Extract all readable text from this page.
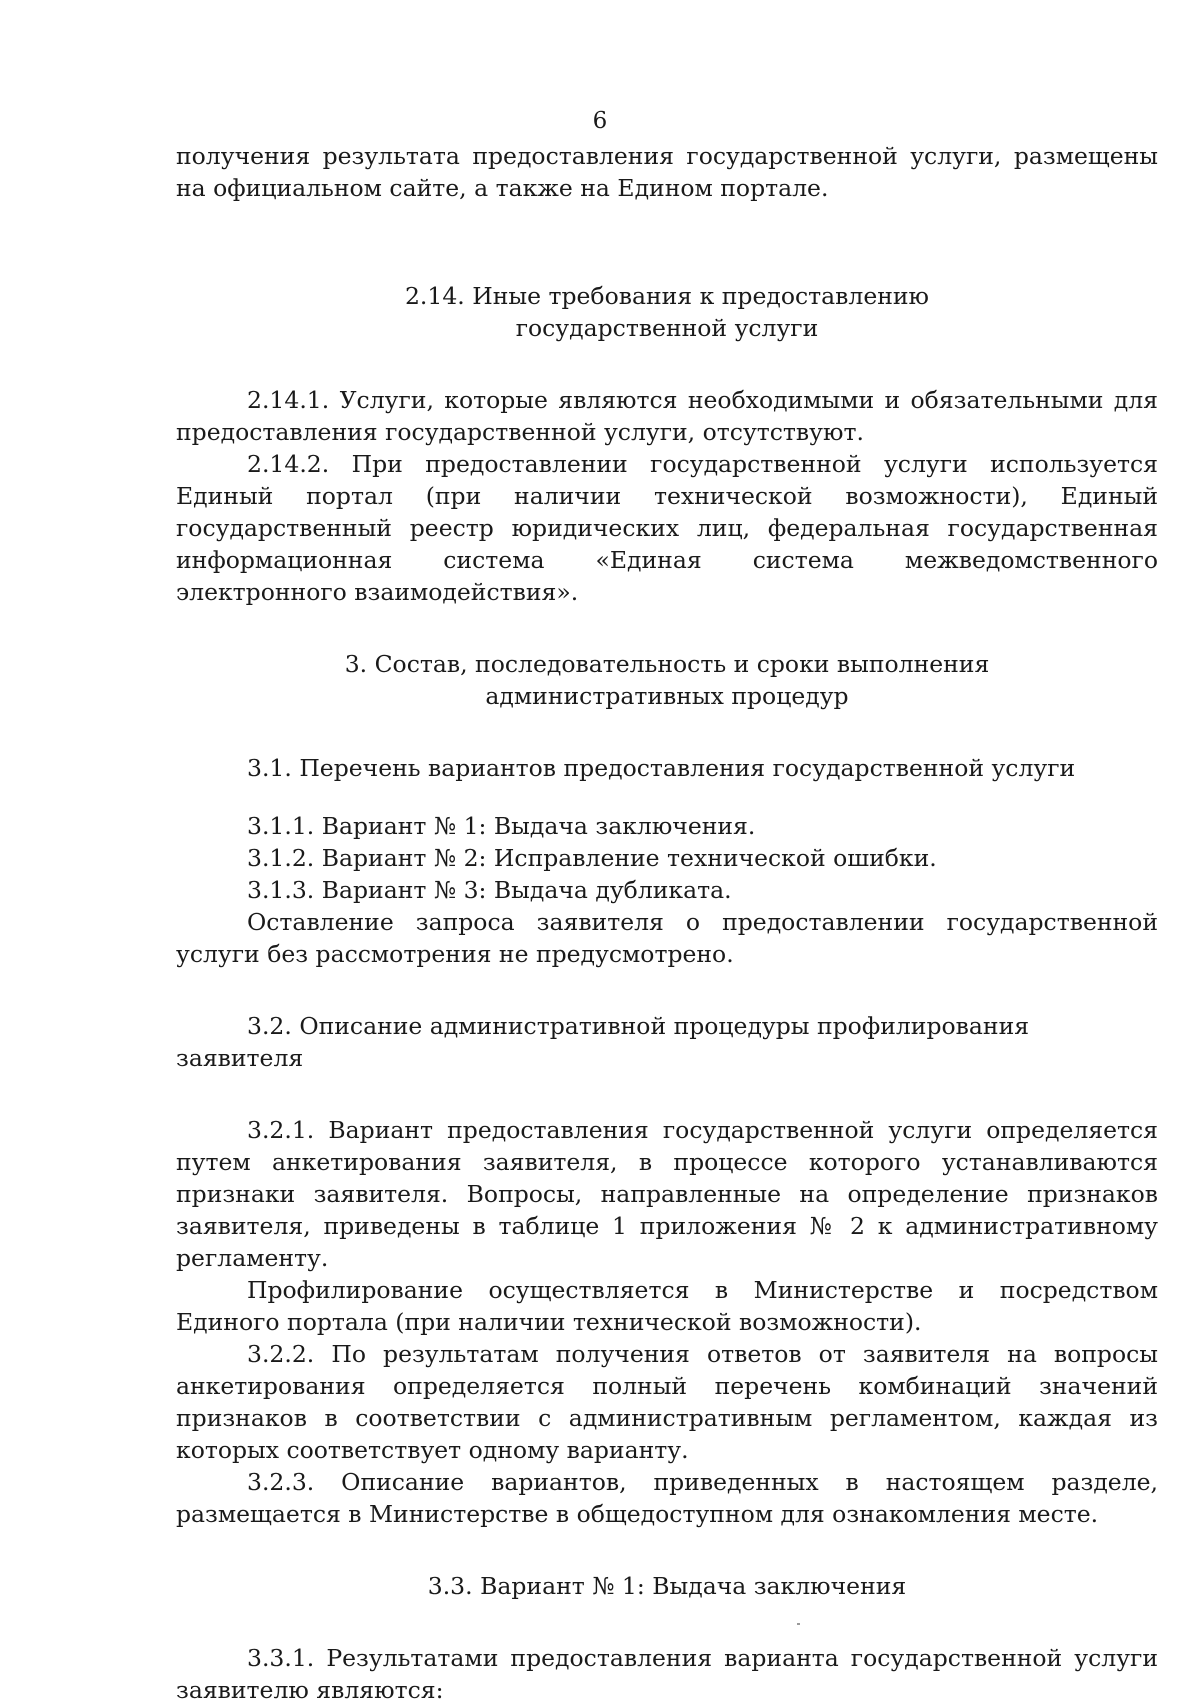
6

получения результата предоставления государственной услуги, размещены на официальном сайте, а также на Едином портале.

2.14. Иные требования к предоставлению
государственной услуги

2.14.1. Услуги, которые являются необходимыми и обязательными для предоставления государственной услуги, отсутствуют.

2.14.2. При предоставлении государственной услуги используется Единый портал (при наличии технической возможности), Единый государственный реестр юридических лиц, федеральная государственная информационная система «Единая система межведомственного электронного взаимодействия».

3. Состав, последовательность и сроки выполнения
административных процедур

3.1. Перечень вариантов предоставления государственной услуги

3.1.1. Вариант № 1: Выдача заключения.

3.1.2. Вариант № 2: Исправление технической ошибки.

3.1.3. Вариант № 3: Выдача дубликата.

Оставление запроса заявителя о предоставлении государственной услуги без рассмотрения не предусмотрено.

3.2. Описание административной процедуры профилирования заявителя

3.2.1. Вариант предоставления государственной услуги определяется путем анкетирования заявителя, в процессе которого устанавливаются признаки заявителя. Вопросы, направленные на определение признаков заявителя, приведены в таблице 1 приложения № 2 к административному регламенту.

Профилирование осуществляется в Министерстве и посредством Единого портала (при наличии технической возможности).

3.2.2. По результатам получения ответов от заявителя на вопросы анкетирования определяется полный перечень комбинаций значений признаков в соответствии с административным регламентом, каждая из которых соответствует одному варианту.

3.2.3. Описание вариантов, приведенных в настоящем разделе, размещается в Министерстве в общедоступном для ознакомления месте.

3.3. Вариант № 1: Выдача заключения

3.3.1. Результатами предоставления варианта государственной услуги заявителю являются:
